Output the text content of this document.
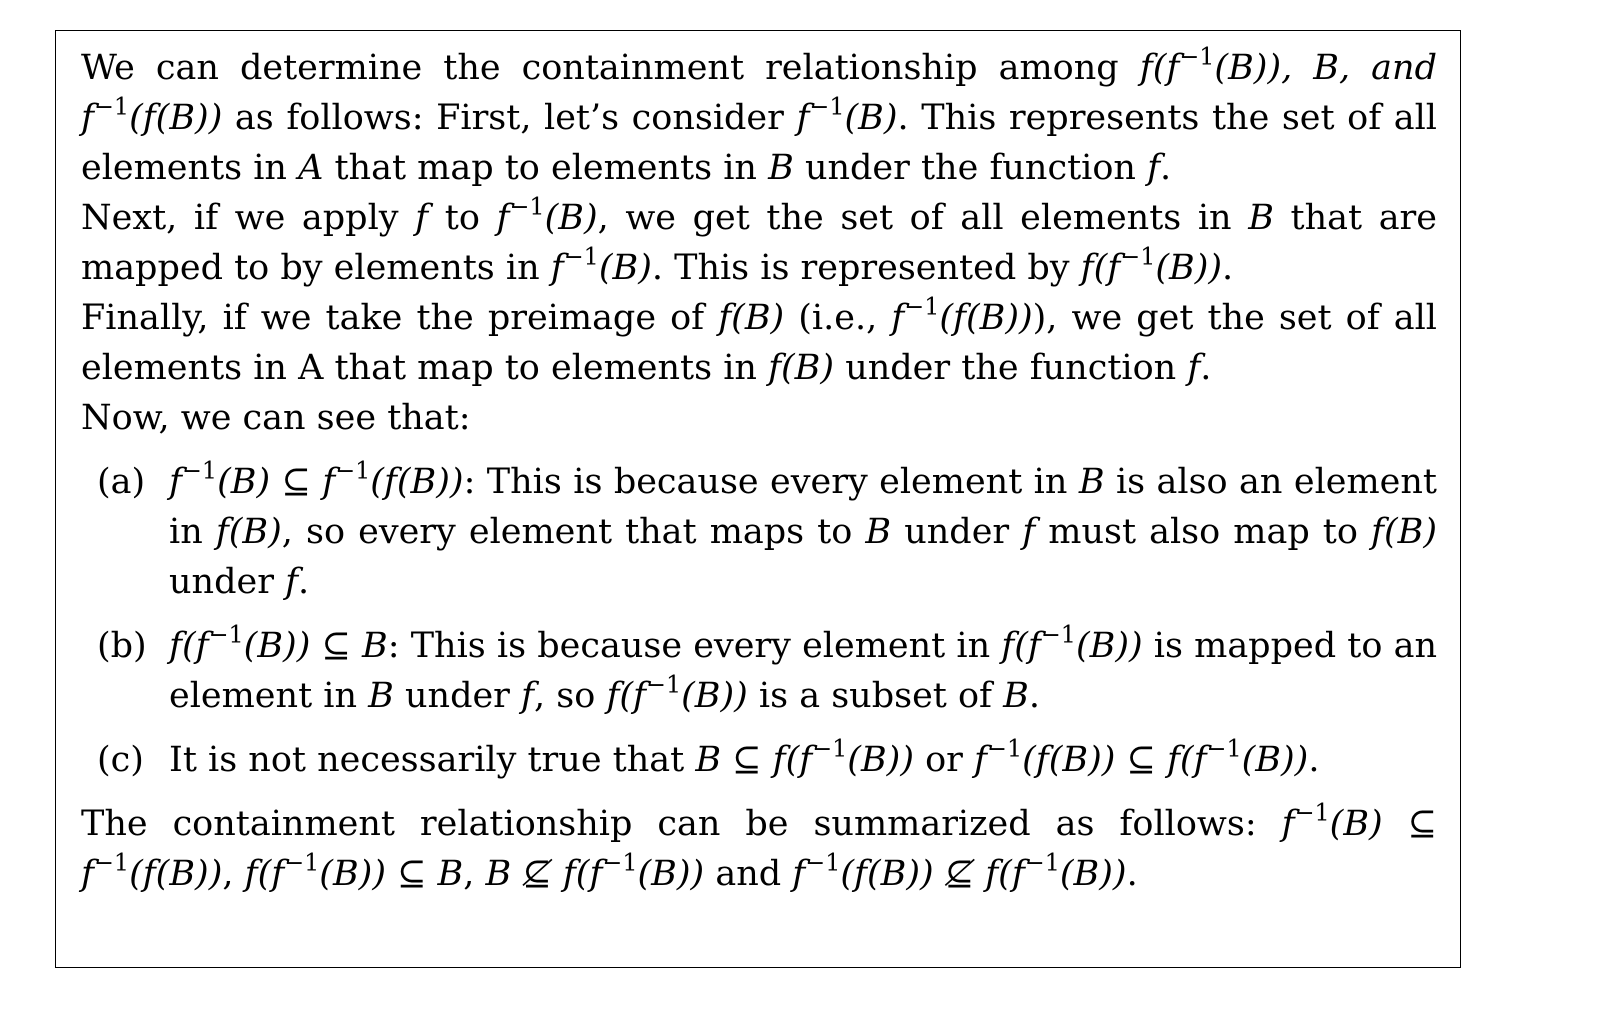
We can determine the containment relationship among $f(f^{-1}(B))$, B, and $f^{-1}(f(B))$ as follows: First, let’s consider $f^{-1}(B)$. This represents the set of all elements in A that map to elements in B under the function f.

Next, if we apply f to $f^{-1}(B)$, we get the set of all elements in B that are mapped to by elements in $f^{-1}(B)$. This is represented by $f(f^{-1}(B))$.

Finally, if we take the preimage of f(B) (i.e., $f^{-1}(f(B))$), we get the set of all elements in A that map to elements in f(B) under the function f.

Now, we can see that:

(a) $f^{-1}(B)$ ⊆ $f^{-1}(f(B))$: This is because every element in B is also an element in f(B), so every element that maps to B under f must also map to f(B) under f.
(b) $f(f^{-1}(B))$ ⊆ B: This is because every element in $f(f^{-1}(B))$ is mapped to an element in B under f, so $f(f^{-1}(B))$ is a subset of B.
(c) It is not necessarily true that B ⊆ $f(f^{-1}(B))$ or $f^{-1}(f(B))$ ⊆ $f(f^{-1}(B))$.

The containment relationship can be summarized as follows: $f^{-1}(B)$ ⊆ $f^{-1}(f(B))$, $f(f^{-1}(B))$ ⊆ B, B ⊈ $f(f^{-1}(B))$ and $f^{-1}(f(B))$ ⊈ $f(f^{-1}(B))$.
